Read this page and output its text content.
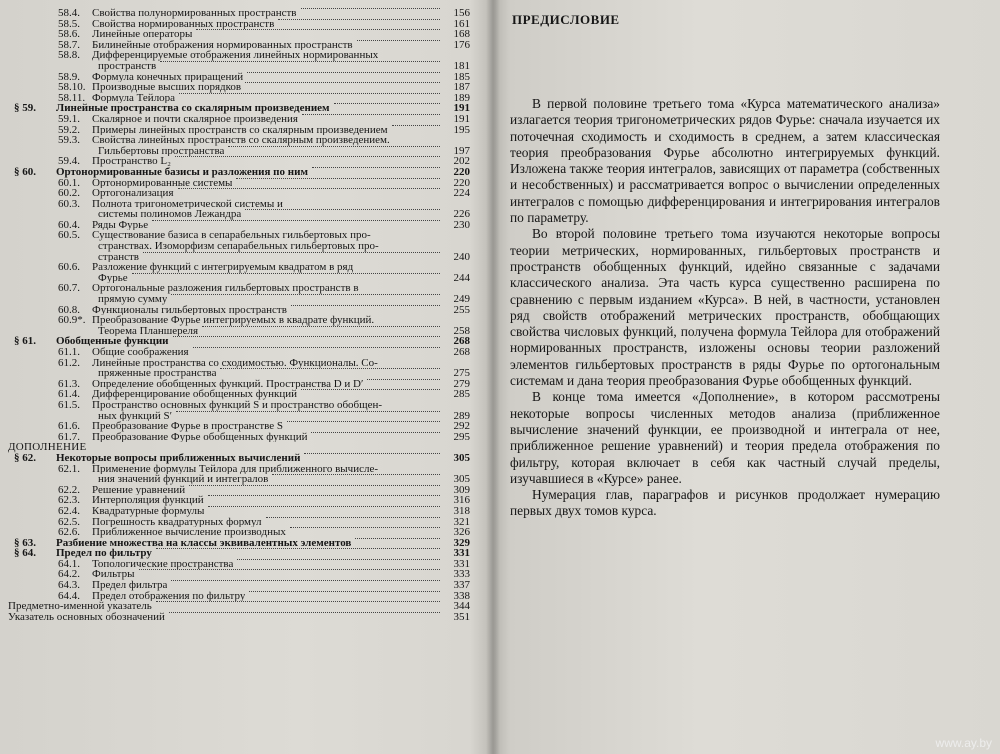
58.4.	Свойства полунормированных пространств	156
58.5.	Свойства нормированных пространств	161
58.6.	Линейные операторы	168
58.7.	Билинейные отображения нормированных пространств	176
58.8.	Дифференцируемые отображения линейных нормированных
пространств	181
58.9.	Формула конечных приращений	185
58.10. Производные высших порядков	187
58.11. Формула Тейлора	189
§ 59.	Линейные пространства со скалярным произведением	191
59.1.	Скалярное и почти скалярное произведения	191
59.2.	Примеры линейных пространств со скалярным произведением	195
59.3.	Свойства линейных пространств со скалярным произведением.
Гильбертовы пространства	197
59.4.	Пространство L₂	202
§ 60.	Ортонормированные базисы и разложения по ним	220
60.1.	Ортонормированные системы	220
60.2.	Ортогонализация	224
60.3.	Полнота тригонометрической системы и
системы полиномов Лежандра	226
60.4.	Ряды Фурье	230
60.5.	Существование базиса в сепарабельных гильбертовых про-
странствах. Изоморфизм сепарабельных гильбертовых про-
странств	240
60.6.	Разложение функций с интегрируемым квадратом в ряд
Фурье	244
60.7.	Ортогональные разложения гильбертовых пространств в
прямую сумму	249
60.8.	Функционалы гильбертовых пространств	255
60.9*. Преобразование Фурье интегрируемых в квадрате функций.
Теорема Планшереля	258
§ 61.	Обобщенные функции	268
61.1.	Общие соображения	268
61.2.	Линейные пространства со сходимостью. Функционалы. Со-
пряженные пространства	275
61.3.	Определение обобщенных функций. Пространства D и D′	279
61.4.	Дифференцирование обобщенных функций	285
61.5.	Пространство основных функций S и пространство обобщен-
ных функций S′	289
61.6.	Преобразование Фурье в пространстве S	292
61.7.	Преобразование Фурье обобщенных функций	295
ДОПОЛНЕНИЕ
§ 62.	Некоторые вопросы приближенных вычислений	305
62.1.	Применение формулы Тейлора для приближенного вычисле-
ния значений функций и интегралов	305
62.2.	Решение уравнений	309
62.3.	Интерполяция функций	316
62.4.	Квадратурные формулы	318
62.5.	Погрешность квадратурных формул	321
62.6.	Приближенное вычисление производных	326
§ 63.	Разбиение множества на классы эквивалентных элементов	329
§ 64.	Предел по фильтру	331
64.1.	Топологические пространства	331
64.2.	Фильтры	333
64.3.	Предел фильтра	337
64.4.	Предел отображения по фильтру	338
Предметно-именной указатель	344
Указатель основных обозначений	351
ПРЕДИСЛОВИЕ

В первой половине третьего тома «Курса математического анализа» излагается теория тригонометрических рядов Фурье: сначала изучается их поточечная сходимость и сходимость в среднем, а затем классическая теория преобразования Фурье абсолютно интегрируемых функций. Изложена также теория интегралов, зависящих от параметра (собственных и несобственных) и рассматривается вопрос о вычислении определенных интегралов с помощью дифференцирования и интегрирования интегралов по параметру.

Во второй половине третьего тома изучаются некоторые вопросы теории метрических, нормированных, гильбертовых пространств и пространств обобщенных функций, идейно связанные с задачами классического анализа. Эта часть курса существенно расширена по сравнению с первым изданием «Курса». В ней, в частности, установлен ряд свойств отображений метрических пространств, обобщающих свойства числовых функций, получена формула Тейлора для отображений нормированных пространств, изложены основы теории разложений элементов гильбертовых пространств в ряды Фурье по ортогональным системам и дана теория преобразования Фурье обобщенных функций.

В конце тома имеется «Дополнение», в котором рассмотрены некоторые вопросы численных методов анализа (приближенное вычисление значений функции, ее производной и интеграла от нее, приближенное решение уравнений) и теория предела отображения по фильтру, которая включает в себя как частный случай пределы, изучавшиеся в «Курсе» ранее.

Нумерация глав, параграфов и рисунков продолжает нумерацию первых двух томов курса.

www.ay.by
